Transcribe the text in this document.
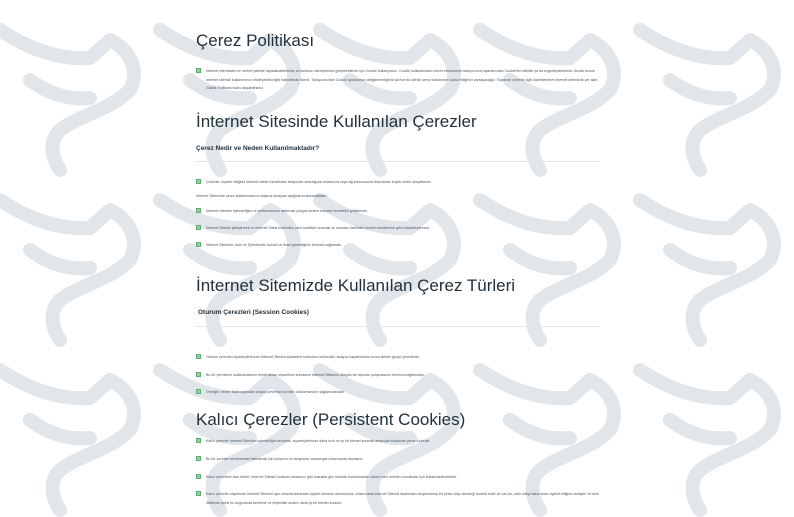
Çerez Politikası
İnternet sitemizden en verimli şekilde faydalanabilmeniz ve kullanıcı deneyiminizi geliştirebilmek için Cookie kullanıyoruz. Cookie kullanılmasını tercih etmezseniz tarayıcınızın ayarlarından Cookie'leri silebilir ya da engelleyebilirsiniz. Ancak bunun internet sitemizi kullanımınızı etkileyebileceğini hatırlatmak isteriz. Tarayıcınızdan Cookie ayarlarınızı değiştirmediğiniz sürece bu sitede çerez kullanımını kabul ettiğinizi varsayacağız. Toplanan verilerle ilgili düzenlemeler internet sitemizde yer alan Gizlilik Politikası'ndan ulaşabilirsiniz.
İnternet Sitesinde Kullanılan Çerezler
Çerez Nedir ve Neden Kullanılmaktadır?
Çerezler, ziyaret ettiğiniz internet siteleri tarafından tarayıcılar aracılığıyla cihazınıza veya ağ sunucusuna depolanan küçük metin dosyalarıdır.
İnternet Sitemizde çerez kullanılmasının başlıca amaçları aşağıda sıralanmaktadır:
İnternet sitesinin işlevselliğini ve performansını arttırmak yoluyla sizlere sunulan hizmetleri geliştirmek,
İnternet Sitesini iyileştirmek ve İnternet Sitesi üzerinden yeni özellikler sunmak ve sunulan özellikleri sizlerin tercihlerine göre kişiselleştirmek;
İnternet Sitesinin, sizin ve Şirketimizin hukuki ve ticari güvenliğinin teminini sağlamak.
İnternet Sitemizde Kullanılan Çerez Türleri
Oturum Çerezleri (Session Cookies)
Oturum çerezleri ziyaretçilerimizin İnternet Sitesini ziyaretleri süresince kullanılan, tarayıcı kapatıldıktan sonra silinen geçici çerezlerdir.
Bu tür çerezlerin kullanılmasının temel amacı ziyaretiniz süresince İnternet Sitesinin düzgün bir biçimde çalışmasının teminini sağlamaktır.
Örneğin; birden fazla sayfadan oluşan çevrimiçi formları doldurmanızın sağlanmaktadır.
Kalıcı Çerezler (Persistent Cookies)
Kalıcı çerezler İnternet Sitesinin işlevselliğini artırmak, ziyaretçilerimize daha hızlı ve iyi bir hizmet sunmak amacıyla kullanılan çerez türleridir.
Bu tür çerezler tercihlerinizi hatırlamak için kullanılır ve tarayıcılar vasıtasıyla cihazınızda depolanır.
Kalıcı çerezlerin bazı türleri; İnternet Sitesini kullanım amacınız gibi hususlar göz önünde bulundurarak sizlere özel öneriler sunulması için kullanılabilmektedir.
Kalıcı çerezler sayesinde İnternet Sitemizi aynı cihazla tekrardan ziyaret etmeniz durumunda, cihazınızda İnternet Sitemiz tarafından oluşturulmuş bir çerez olup olmadığı kontrol edilir ve var ise, sizin siteyi daha önce ziyaret ettiğiniz anlaşılır ve size iletilecek içerik bu doğrultuda belirlenir ve böylelikle sizlere daha iyi bir hizmet sunulur.
